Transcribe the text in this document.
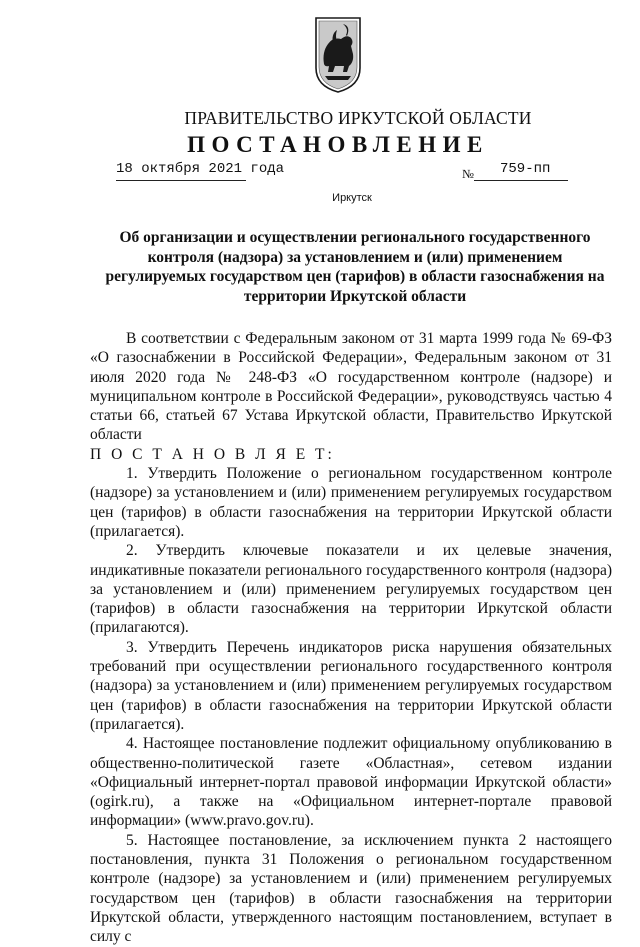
ПРАВИТЕЛЬСТВО ИРКУТСКОЙ ОБЛАСТИ
ПОСТАНОВЛЕНИЕ
18 октября 2021 года	№ 759-пп
Иркутск
Об организации и осуществлении регионального государственного контроля (надзора) за установлением и (или) применением регулируемых государством цен (тарифов) в области газоснабжения на территории Иркутской области

В соответствии с Федеральным законом от 31 марта 1999 года № 69-ФЗ «О газоснабжении в Российской Федерации», Федеральным законом от 31 июля 2020 года № 248-ФЗ «О государственном контроле (надзоре) и муниципальном контроле в Российской Федерации», руководствуясь частью 4 статьи 66, статьей 67 Устава Иркутской области, Правительство Иркутской области

П О С Т А Н О В Л Я Е Т:

1. Утвердить Положение о региональном государственном контроле (надзоре) за установлением и (или) применением регулируемых государством цен (тарифов) в области газоснабжения на территории Иркутской области (прилагается).

2. Утвердить ключевые показатели и их целевые значения, индикативные показатели регионального государственного контроля (надзора) за установлением и (или) применением регулируемых государством цен (тарифов) в области газоснабжения на территории Иркутской области (прилагаются).

3. Утвердить Перечень индикаторов риска нарушения обязательных требований при осуществлении регионального государственного контроля (надзора) за установлением и (или) применением регулируемых государством цен (тарифов) в области газоснабжения на территории Иркутской области (прилагается).

4. Настоящее постановление подлежит официальному опубликованию в общественно-политической газете «Областная», сетевом издании «Официальный интернет-портал правовой информации Иркутской области» (ogirk.ru), а также на «Официальном интернет-портале правовой информации» (www.pravo.gov.ru).

5. Настоящее постановление, за исключением пункта 2 настоящего постановления, пункта 31 Положения о региональном государственном контроле (надзоре) за установлением и (или) применением регулируемых государством цен (тарифов) в области газоснабжения на территории Иркутской области, утвержденного настоящим постановлением, вступает в силу с
